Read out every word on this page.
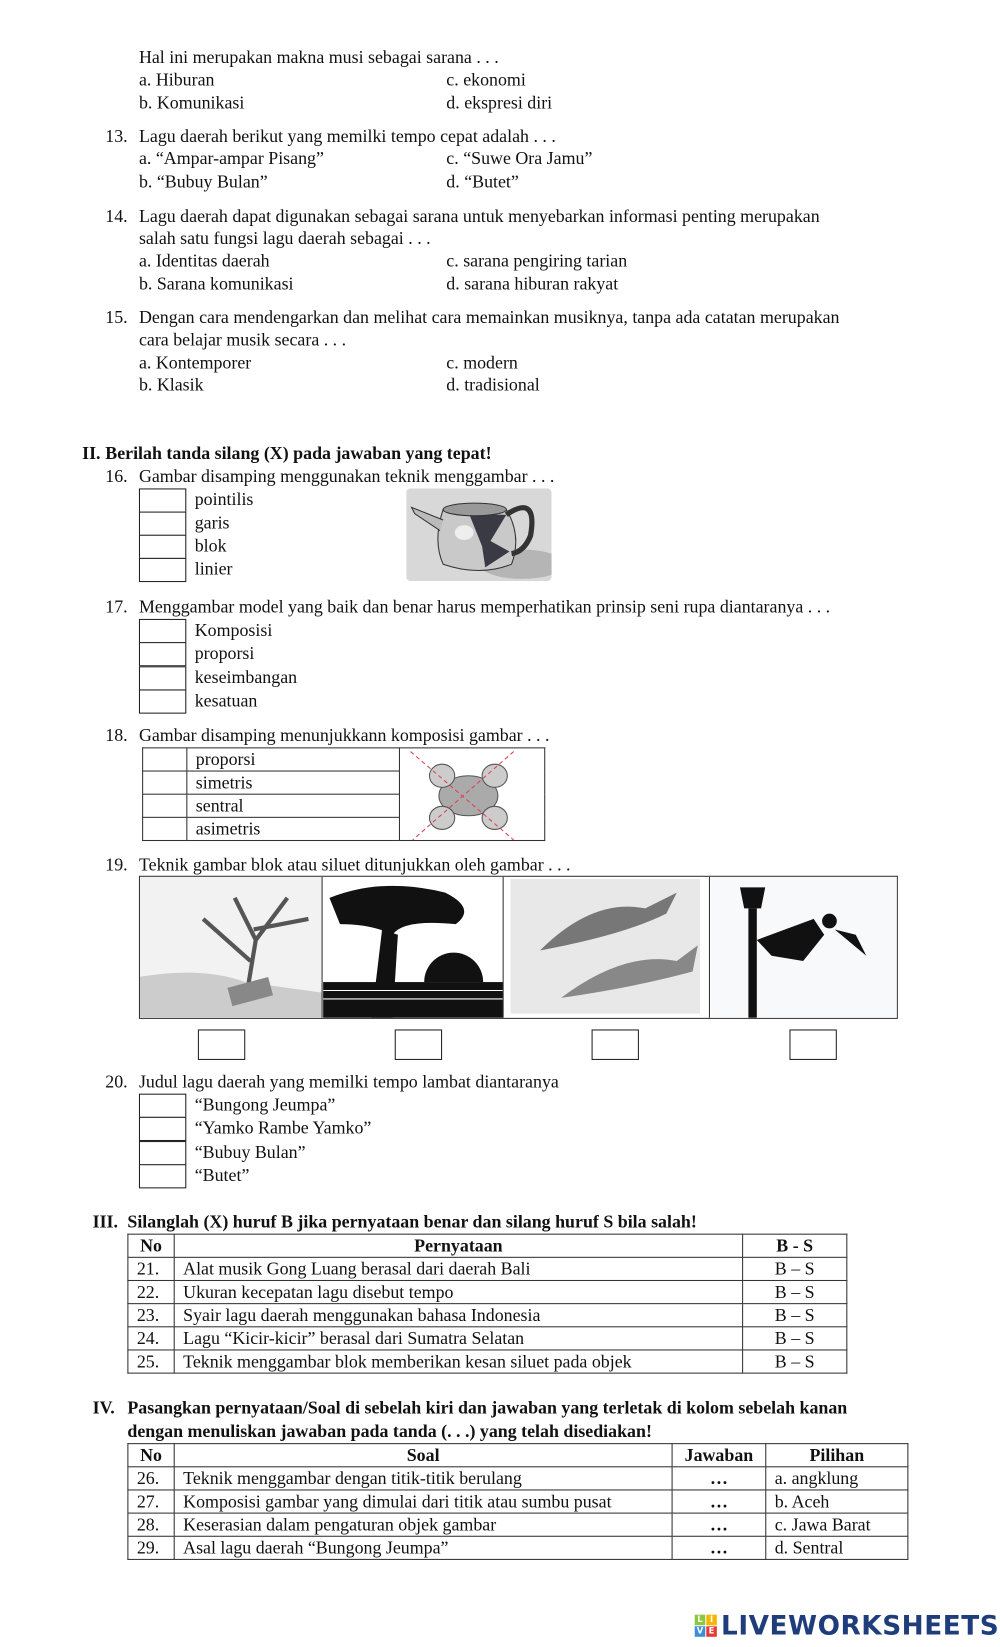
Hal ini merupakan makna musi sebagai sarana . . .
a. Hiburan	c. ekonomi
b. Komunikasi	d. ekspresi diri
13. Lagu daerah berikut yang memilki tempo cepat adalah . . .
a. “Ampar-ampar Pisang”	c. “Suwe Ora Jamu”
b. “Bubuy Bulan”	d. “Butet”
14. Lagu daerah dapat digunakan sebagai sarana untuk menyebarkan informasi penting merupakan
salah satu fungsi lagu daerah sebagai . . .
a. Identitas daerah	c. sarana pengiring tarian
b. Sarana komunikasi	d. sarana hiburan rakyat
15. Dengan cara mendengarkan dan melihat cara memainkan musiknya, tanpa ada catatan merupakan
cara belajar musik secara . . .
a. Kontemporer	c. modern
b. Klasik	d. tradisional
II. Berilah tanda silang (X) pada jawaban yang tepat!
16. Gambar disamping menggunakan teknik menggambar . . .
pointilis
garis
blok
linier
17. Menggambar model yang baik dan benar harus memperhatikan prinsip seni rupa diantaranya . . .
Komposisi
proporsi
keseimbangan
kesatuan
18. Gambar disamping menunjukkann komposisi gambar . . .
	proporsi	

	simetris	
	sentral	
	asimetris	
19. Teknik gambar blok atau siluet ditunjukkan oleh gambar . . .
20. Judul lagu daerah yang memilki tempo lambat diantaranya
“Bungong Jeumpa”
“Yamko Rambe Yamko”
“Bubuy Bulan”
“Butet”
III. Silanglah (X) huruf B jika pernyataan benar dan silang huruf S bila salah!
No	Pernyataan	B - S
21.	Alat musik Gong Luang berasal dari daerah Bali	B – S
22.	Ukuran kecepatan lagu disebut tempo	B – S
23.	Syair lagu daerah menggunakan bahasa Indonesia	B – S
24.	Lagu “Kicir-kicir” berasal dari Sumatra Selatan	B – S
25.	Teknik menggambar blok memberikan kesan siluet pada objek	B – S
IV. Pasangkan pernyataan/Soal di sebelah kiri dan jawaban yang terletak di kolom sebelah kanan
dengan menuliskan jawaban pada tanda (. . .) yang telah disediakan!
No	Soal	Jawaban	Pilihan
26.	Teknik menggambar dengan titik-titik berulang	…	a. angklung
27.	Komposisi gambar yang dimulai dari titik atau sumbu pusat	…	b. Aceh
28.	Keserasian dalam pengaturan objek gambar	…	c. Jawa Barat
29.	Asal lagu daerah “Bungong Jeumpa”	…	d. Sentral
L I
V E LIVEWORKSHEETS
